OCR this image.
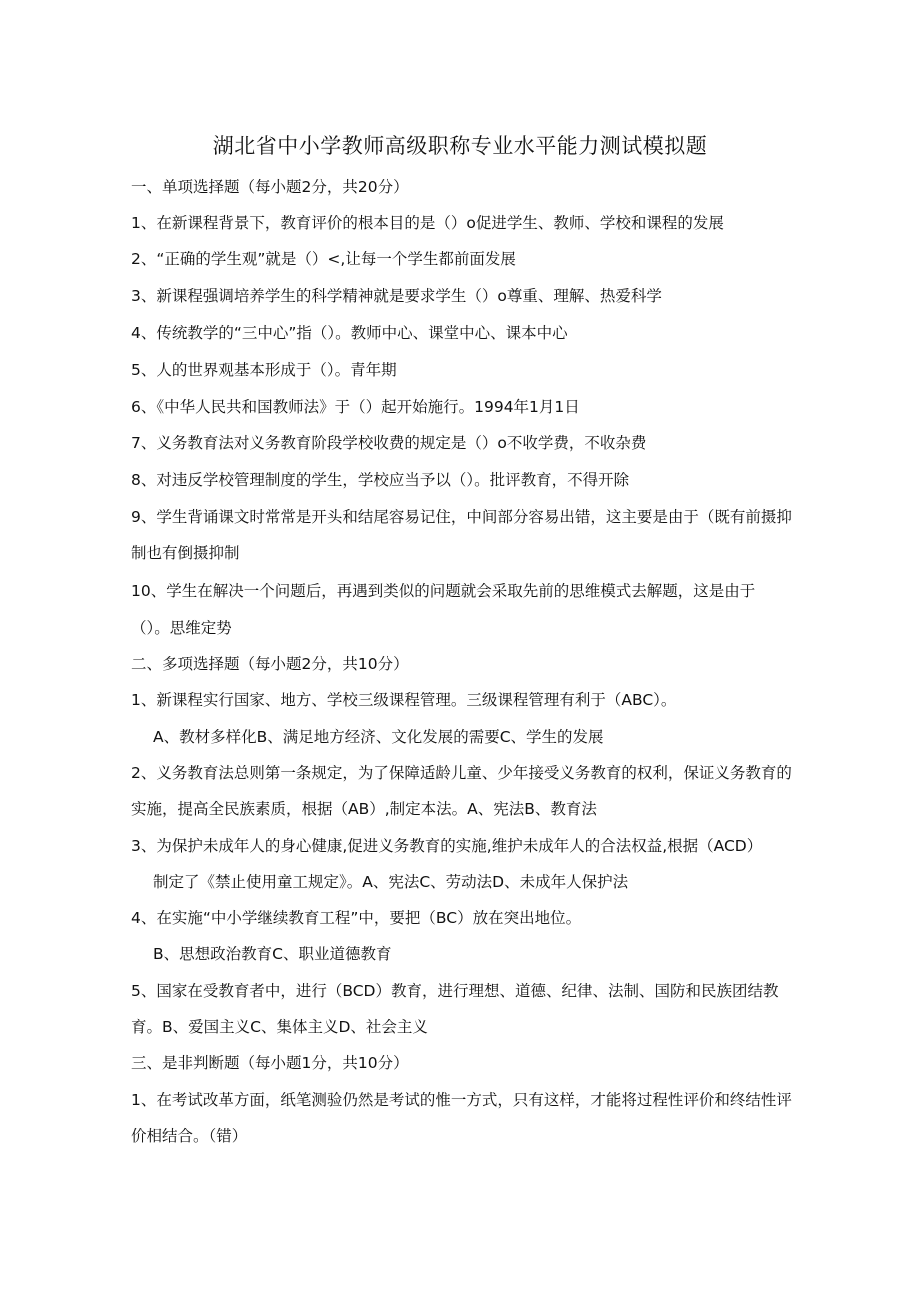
湖北省中小学教师高级职称专业水平能力测试模拟题
一、单项选择题（每小题2分，共20分）
1、在新课程背景下，教育评价的根本目的是（）o促进学生、教师、学校和课程的发展
2、“正确的学生观”就是（）<,让每一个学生都前面发展
3、新课程强调培养学生的科学精神就是要求学生（）o尊重、理解、热爱科学
4、传统教学的“三中心”指（）。教师中心、课堂中心、课本中心
5、人的世界观基本形成于（）。青年期
6、《中华人民共和国教师法》于（）起开始施行。1994年1月1日
7、义务教育法对义务教育阶段学校收费的规定是（）o不收学费，不收杂费
8、对违反学校管理制度的学生，学校应当予以（）。批评教育，不得开除
9、学生背诵课文时常常是开头和结尾容易记住，中间部分容易出错，这主要是由于（既有前摄抑
制也有倒摄抑制
10、学生在解决一个问题后，再遇到类似的问题就会采取先前的思维模式去解题，这是由于
（）。思维定势
二、多项选择题（每小题2分，共10分）
1、新课程实行国家、地方、学校三级课程管理。三级课程管理有利于（ABC）。
A、教材多样化B、满足地方经济、文化发展的需要C、学生的发展
2、义务教育法总则第一条规定，为了保障适龄儿童、少年接受义务教育的权利，保证义务教育的
实施，提高全民族素质，根据（AB）,制定本法。A、宪法B、教育法
3、为保护未成年人的身心健康,促进义务教育的实施,维护未成年人的合法权益,根据（ACD）
制定了《禁止使用童工规定》。A、宪法C、劳动法D、未成年人保护法
4、在实施“中小学继续教育工程”中，要把（BC）放在突出地位。
B、思想政治教育C、职业道德教育
5、国家在受教育者中，进行（BCD）教育，进行理想、道德、纪律、法制、国防和民族团结教
育。B、爱国主义C、集体主义D、社会主义
三、是非判断题（每小题1分，共10分）
1、在考试改革方面，纸笔测验仍然是考试的惟一方式，只有这样，才能将过程性评价和终结性评
价相结合。（错）
